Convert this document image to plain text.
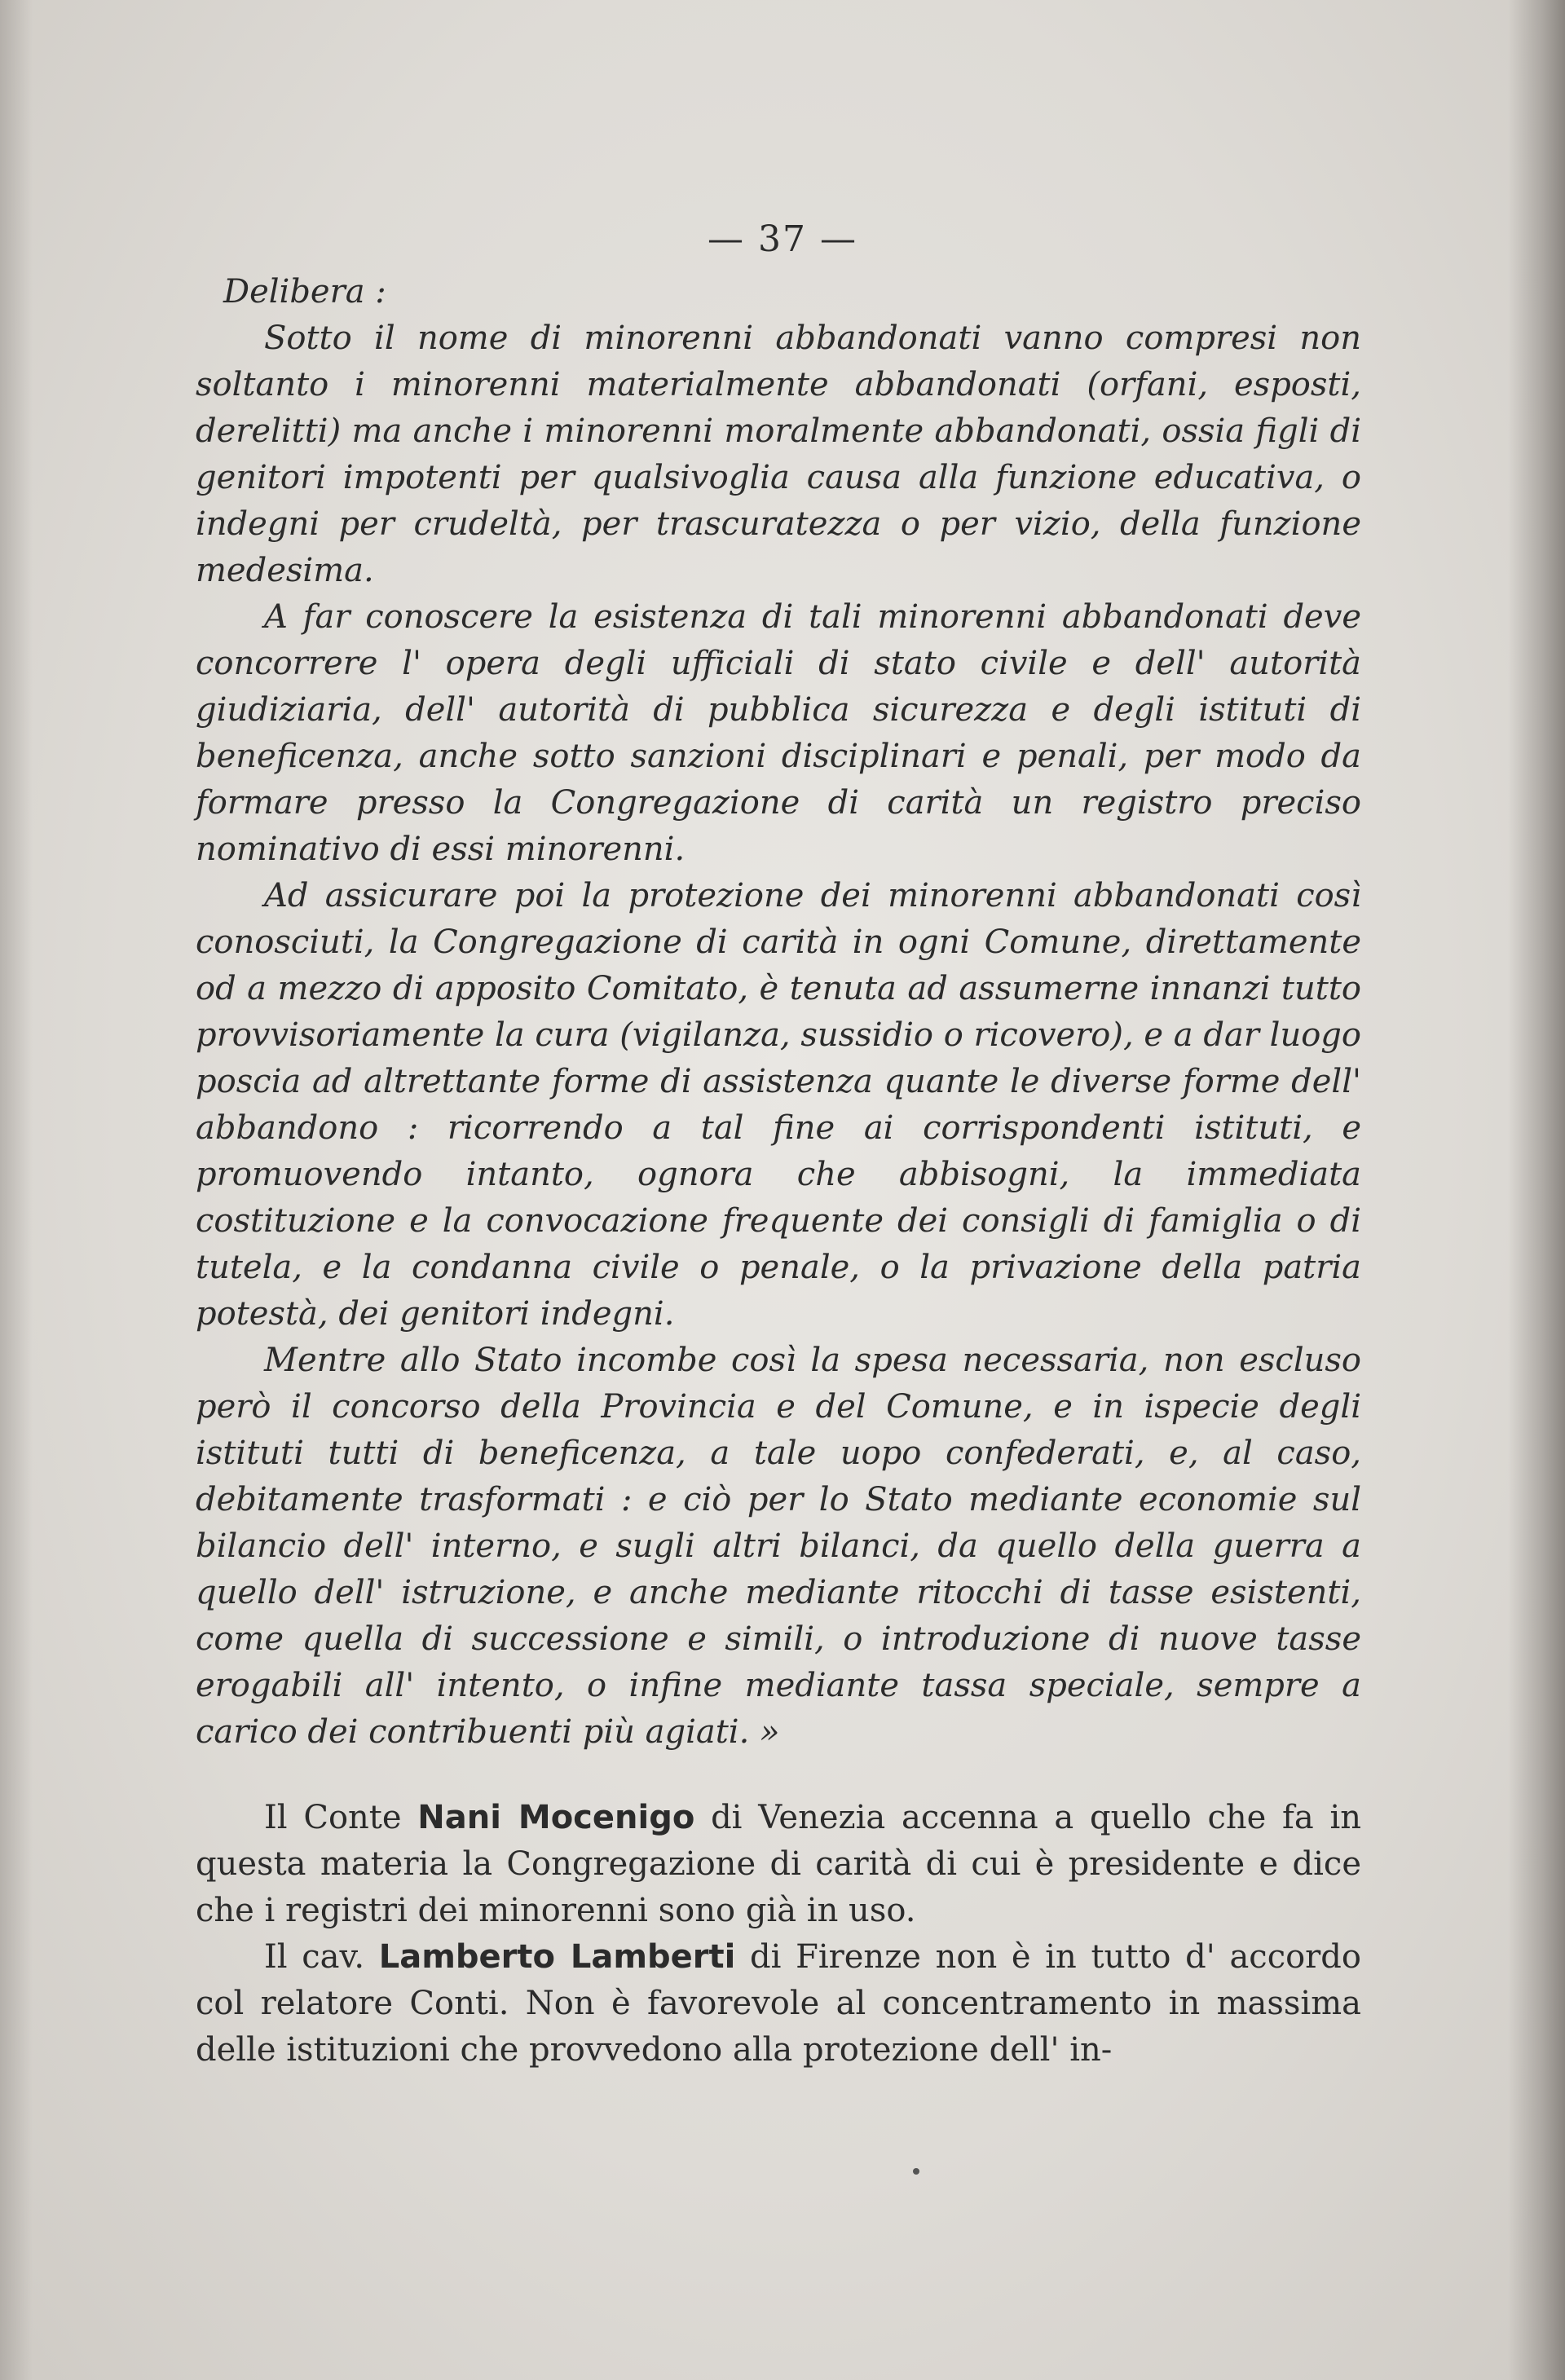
— 37 —

Delibera :

Sotto il nome di minorenni abbandonati vanno compresi non soltanto i minorenni materialmente abbandonati (orfani, esposti, derelitti) ma anche i minorenni moralmente abbandonati, ossia figli di genitori impotenti per qualsivoglia causa alla funzione educativa, o indegni per crudeltà, per trascuratezza o per vizio, della funzione medesima.

A far conoscere la esistenza di tali minorenni abbandonati deve concorrere l' opera degli ufficiali di stato civile e dell' autorità giudiziaria, dell' autorità di pubblica sicurezza e degli istituti di beneficenza, anche sotto sanzioni disciplinari e penali, per modo da formare presso la Congregazione di carità un registro preciso nominativo di essi minorenni.

Ad assicurare poi la protezione dei minorenni abbandonati così conosciuti, la Congregazione di carità in ogni Comune, direttamente od a mezzo di apposito Comitato, è tenuta ad assumerne innanzi tutto provvisoriamente la cura (vigilanza, sussidio o ricovero), e a dar luogo poscia ad altrettante forme di assistenza quante le diverse forme dell' abbandono : ricorrendo a tal fine ai corrispondenti istituti, e promuovendo intanto, ognora che abbisogni, la immediata costituzione e la convocazione frequente dei consigli di famiglia o di tutela, e la condanna civile o penale, o la privazione della patria potestà, dei genitori indegni.

Mentre allo Stato incombe così la spesa necessaria, non escluso però il concorso della Provincia e del Comune, e in ispecie degli istituti tutti di beneficenza, a tale uopo confederati, e, al caso, debitamente trasformati : e ciò per lo Stato mediante economie sul bilancio dell' interno, e sugli altri bilanci, da quello della guerra a quello dell' istruzione, e anche mediante ritocchi di tasse esistenti, come quella di successione e simili, o introduzione di nuove tasse erogabili all' intento, o infine mediante tassa speciale, sempre a carico dei contribuenti più agiati. »

Il Conte Nani Mocenigo di Venezia accenna a quello che fa in questa materia la Congregazione di carità di cui è presidente e dice che i registri dei minorenni sono già in uso.

Il cav. Lamberto Lamberti di Firenze non è in tutto d' accordo col relatore Conti. Non è favorevole al concentramento in massima delle istituzioni che provvedono alla protezione dell' in-
